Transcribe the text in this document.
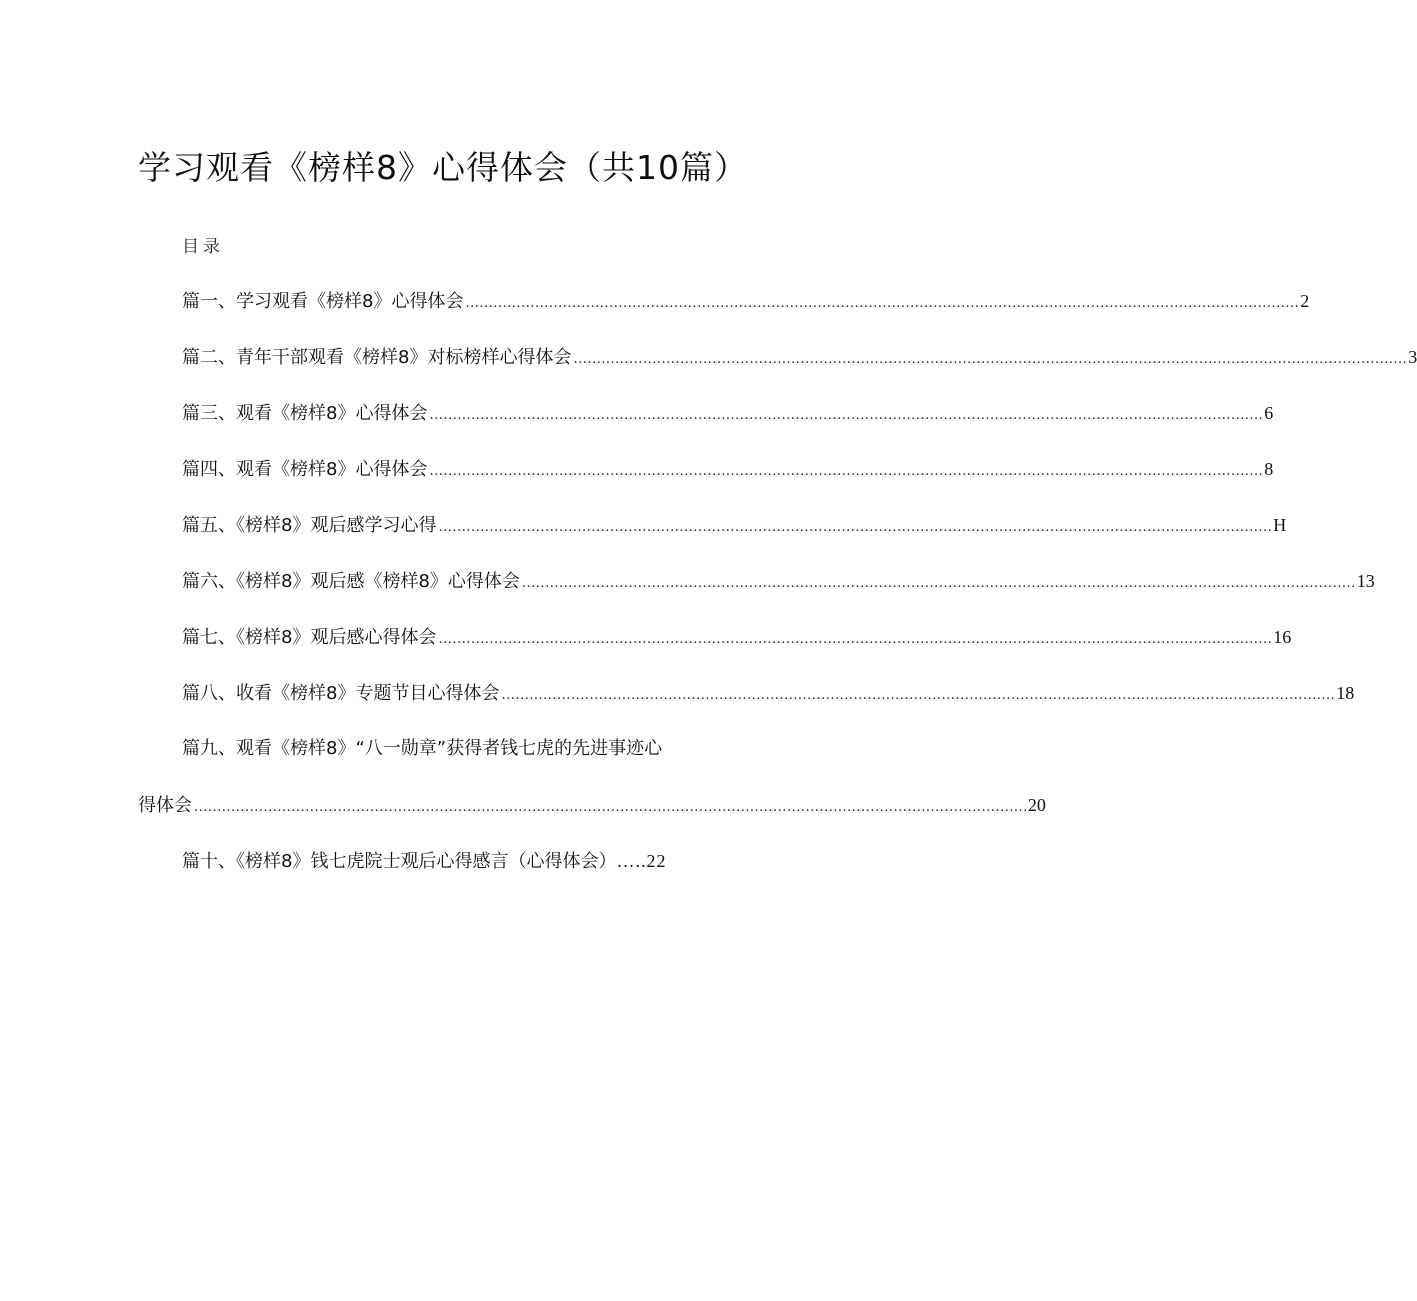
学习观看《榜样8》心得体会（共10篇）
目录
篇一、学习观看《榜样8》心得体会 .................................................................................................................................................................................... 2
篇二、青年干部观看《榜样8》对标榜样心得体会 .................................................................................................................................................................................... 3
篇三、观看《榜样8》心得体会 .................................................................................................................................................................................... 6
篇四、观看《榜样8》心得体会 .................................................................................................................................................................................... 8
篇五、《榜样8》观后感学习心得 .................................................................................................................................................................................... H
篇六、《榜样8》观后感《榜样8》心得体会 .................................................................................................................................................................................... 13
篇七、《榜样8》观后感心得体会 .................................................................................................................................................................................... 16
篇八、收看《榜样8》专题节目心得体会 .................................................................................................................................................................................... 18
篇九、观看《榜样8》“八一勋章”获得者钱七虎的先进事迹心
得体会 .................................................................................................................................................................................... 20
篇十、《榜样8》钱七虎院士观后心得感言（心得体会）…..22
